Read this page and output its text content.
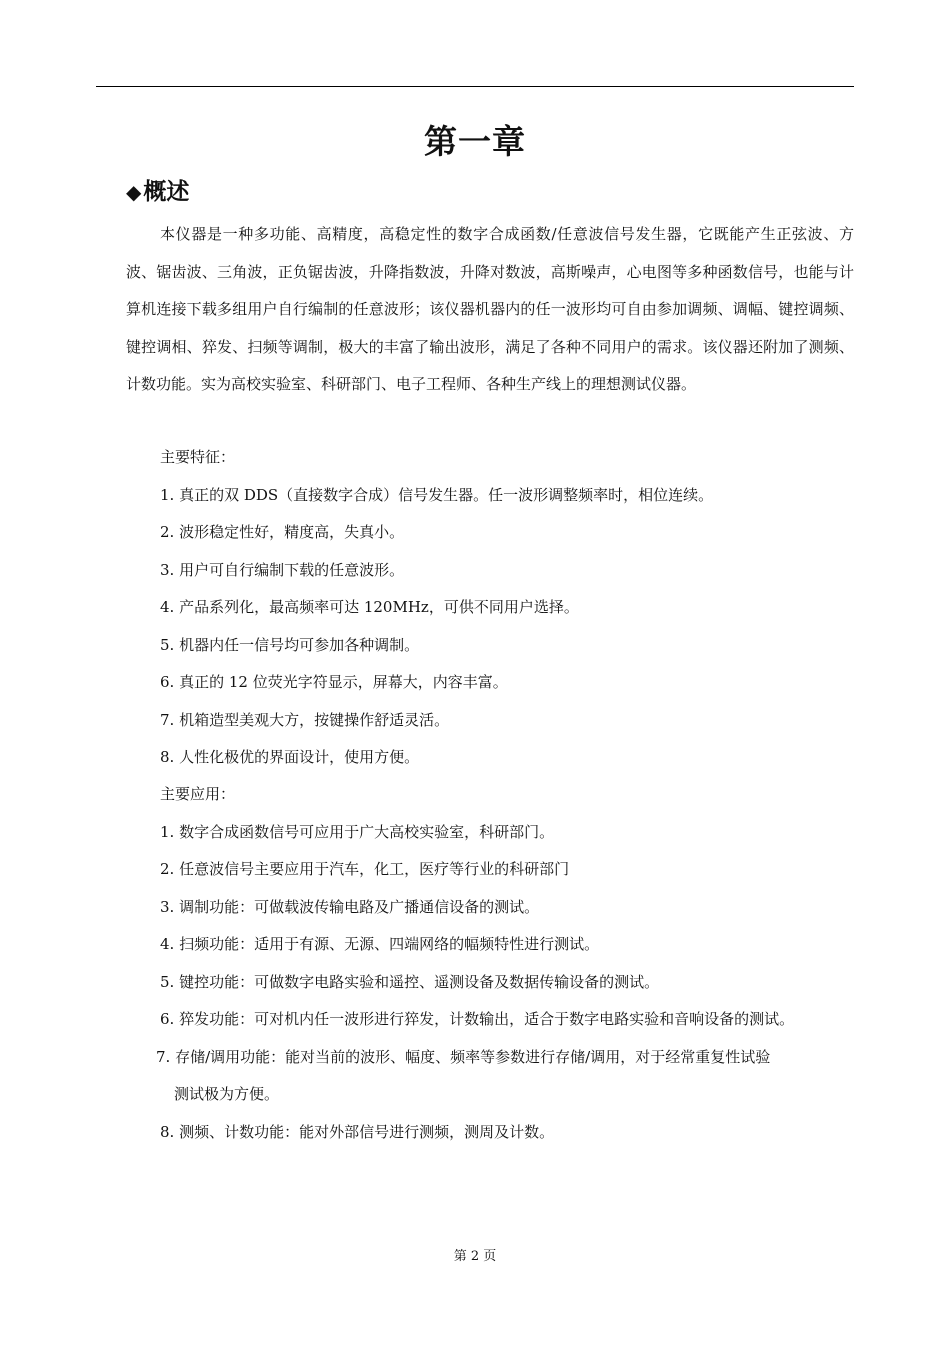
第一章
◆概述

本仪器是一种多功能、高精度，高稳定性的数字合成函数/任意波信号发生器，它既能产生正弦波、方波、锯齿波、三角波，正负锯齿波，升降指数波，升降对数波，高斯噪声，心电图等多种函数信号，也能与计算机连接下载多组用户自行编制的任意波形；该仪器机器内的任一波形均可自由参加调频、调幅、键控调频、键控调相、猝发、扫频等调制，极大的丰富了输出波形，满足了各种不同用户的需求。该仪器还附加了测频、计数功能。实为高校实验室、科研部门、电子工程师、各种生产线上的理想测试仪器。

主要特征：
1. 真正的双 DDS（直接数字合成）信号发生器。任一波形调整频率时，相位连续。
2. 波形稳定性好，精度高，失真小。
3. 用户可自行编制下载的任意波形。
4. 产品系列化，最高频率可达 120MHz，可供不同用户选择。
5. 机器内任一信号均可参加各种调制。
6. 真正的 12 位荧光字符显示，屏幕大，内容丰富。
7. 机箱造型美观大方，按键操作舒适灵活。
8. 人性化极优的界面设计，使用方便。
主要应用：
1. 数字合成函数信号可应用于广大高校实验室，科研部门。
2. 任意波信号主要应用于汽车，化工，医疗等行业的科研部门
3. 调制功能：可做载波传输电路及广播通信设备的测试。
4. 扫频功能：适用于有源、无源、四端网络的幅频特性进行测试。
5. 键控功能：可做数字电路实验和遥控、遥测设备及数据传输设备的测试。
6. 猝发功能：可对机内任一波形进行猝发，计数输出，适合于数字电路实验和音响设备的测试。
7. 存储/调用功能：能对当前的波形、幅度、频率等参数进行存储/调用，对于经常重复性试验
测试极为方便。
8. 测频、计数功能：能对外部信号进行测频，测周及计数。
第 2 页
